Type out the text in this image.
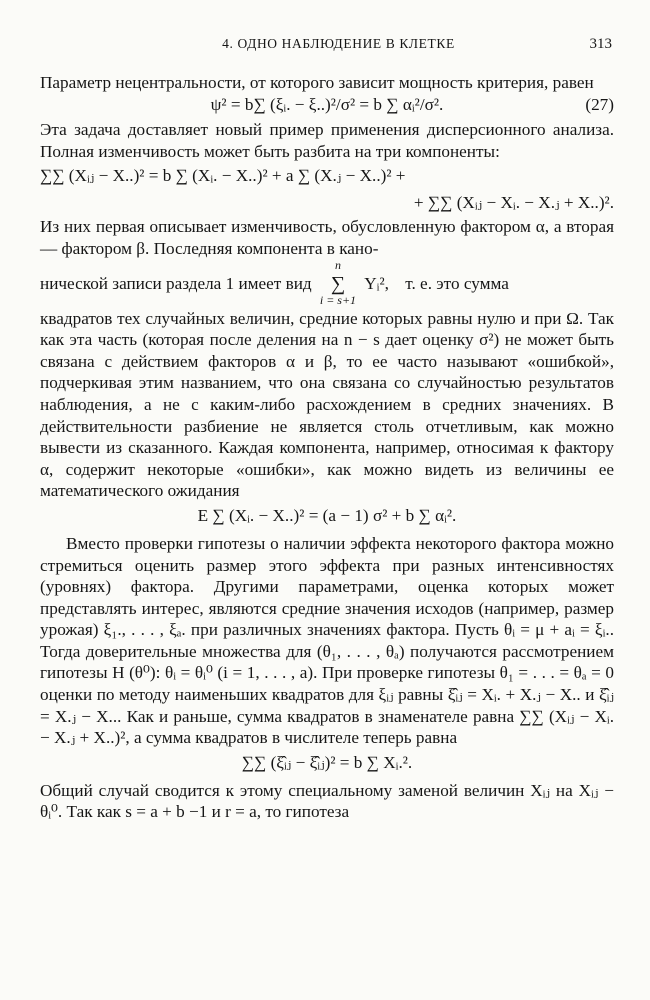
4. ОДНО НАБЛЮДЕНИЕ В КЛЕТКЕ	313

Параметр нецентральности, от которого зависит мощность критерия, равен

ψ² = b∑ (ξᵢ. − ξ..)²/σ² = b ∑ αᵢ²/σ².	(27)

Эта задача доставляет новый пример применения дисперсионного анализа. Полная изменчивость может быть разбита на три компоненты:

∑∑ (Xᵢⱼ − X..)² = b ∑ (Xᵢ. − X..)² + a ∑ (X.ⱼ − X..)² +
+ ∑∑ (Xᵢⱼ − Xᵢ. − X.ⱼ + X..)².

Из них первая описывает изменчивость, обусловленную фактором α, а вторая — фактором β. Последняя компонента в кано-

нической записи раздела 1 имеет вид
n
∑
i = s+1
Yᵢ², т. е. это сумма

квадратов тех случайных величин, средние которых равны нулю и при Ω. Так как эта часть (которая после деления на n − s дает оценку σ²) не может быть связана с действием факторов α и β, то ее часто называют «ошибкой», подчеркивая этим названием, что она связана со случайностью результатов наблюдения, а не с каким-либо расхождением в средних значениях. В действительности разбиение не является столь отчетливым, как можно вывести из сказанного. Каждая компонента, например, относимая к фактору α, содержит некоторые «ошибки», как можно видеть из величины ее математического ожидания

E ∑ (Xᵢ. − X..)² = (a − 1) σ² + b ∑ αᵢ².

Вместо проверки гипотезы о наличии эффекта некоторого фактора можно стремиться оценить размер этого эффекта при разных интенсивностях (уровнях) фактора. Другими параметрами, оценка которых может представлять интерес, являются средние значения исходов (например, размер урожая) ξ₁., . . . , ξₐ. при различных значениях фактора. Пусть θᵢ = μ + aᵢ = ξᵢ.. Тогда доверительные множества для (θ₁, . . . , θₐ) получаются рассмотрением гипотезы H (θ⁰): θᵢ = θᵢ⁰ (i = 1, . . . , a). При проверке гипотезы θ₁ = . . . = θₐ = 0 оценки по методу наименьших квадратов для ξᵢⱼ равны ξ̂ᵢⱼ = Xᵢ. + X.ⱼ − X.. и ξ̂̂ᵢⱼ = X.ⱼ − X... Как и раньше, сумма квадратов в знаменателе равна ∑∑ (Xᵢⱼ − Xᵢ. − X.ⱼ + X..)², а сумма квадратов в числителе теперь равна

∑∑ (ξ̂ᵢⱼ − ξ̂̂ᵢⱼ)² = b ∑ Xᵢ.².

Общий случай сводится к этому специальному заменой величин Xᵢⱼ на Xᵢⱼ − θᵢ⁰. Так как s = a + b −1 и r = a, то гипотеза
